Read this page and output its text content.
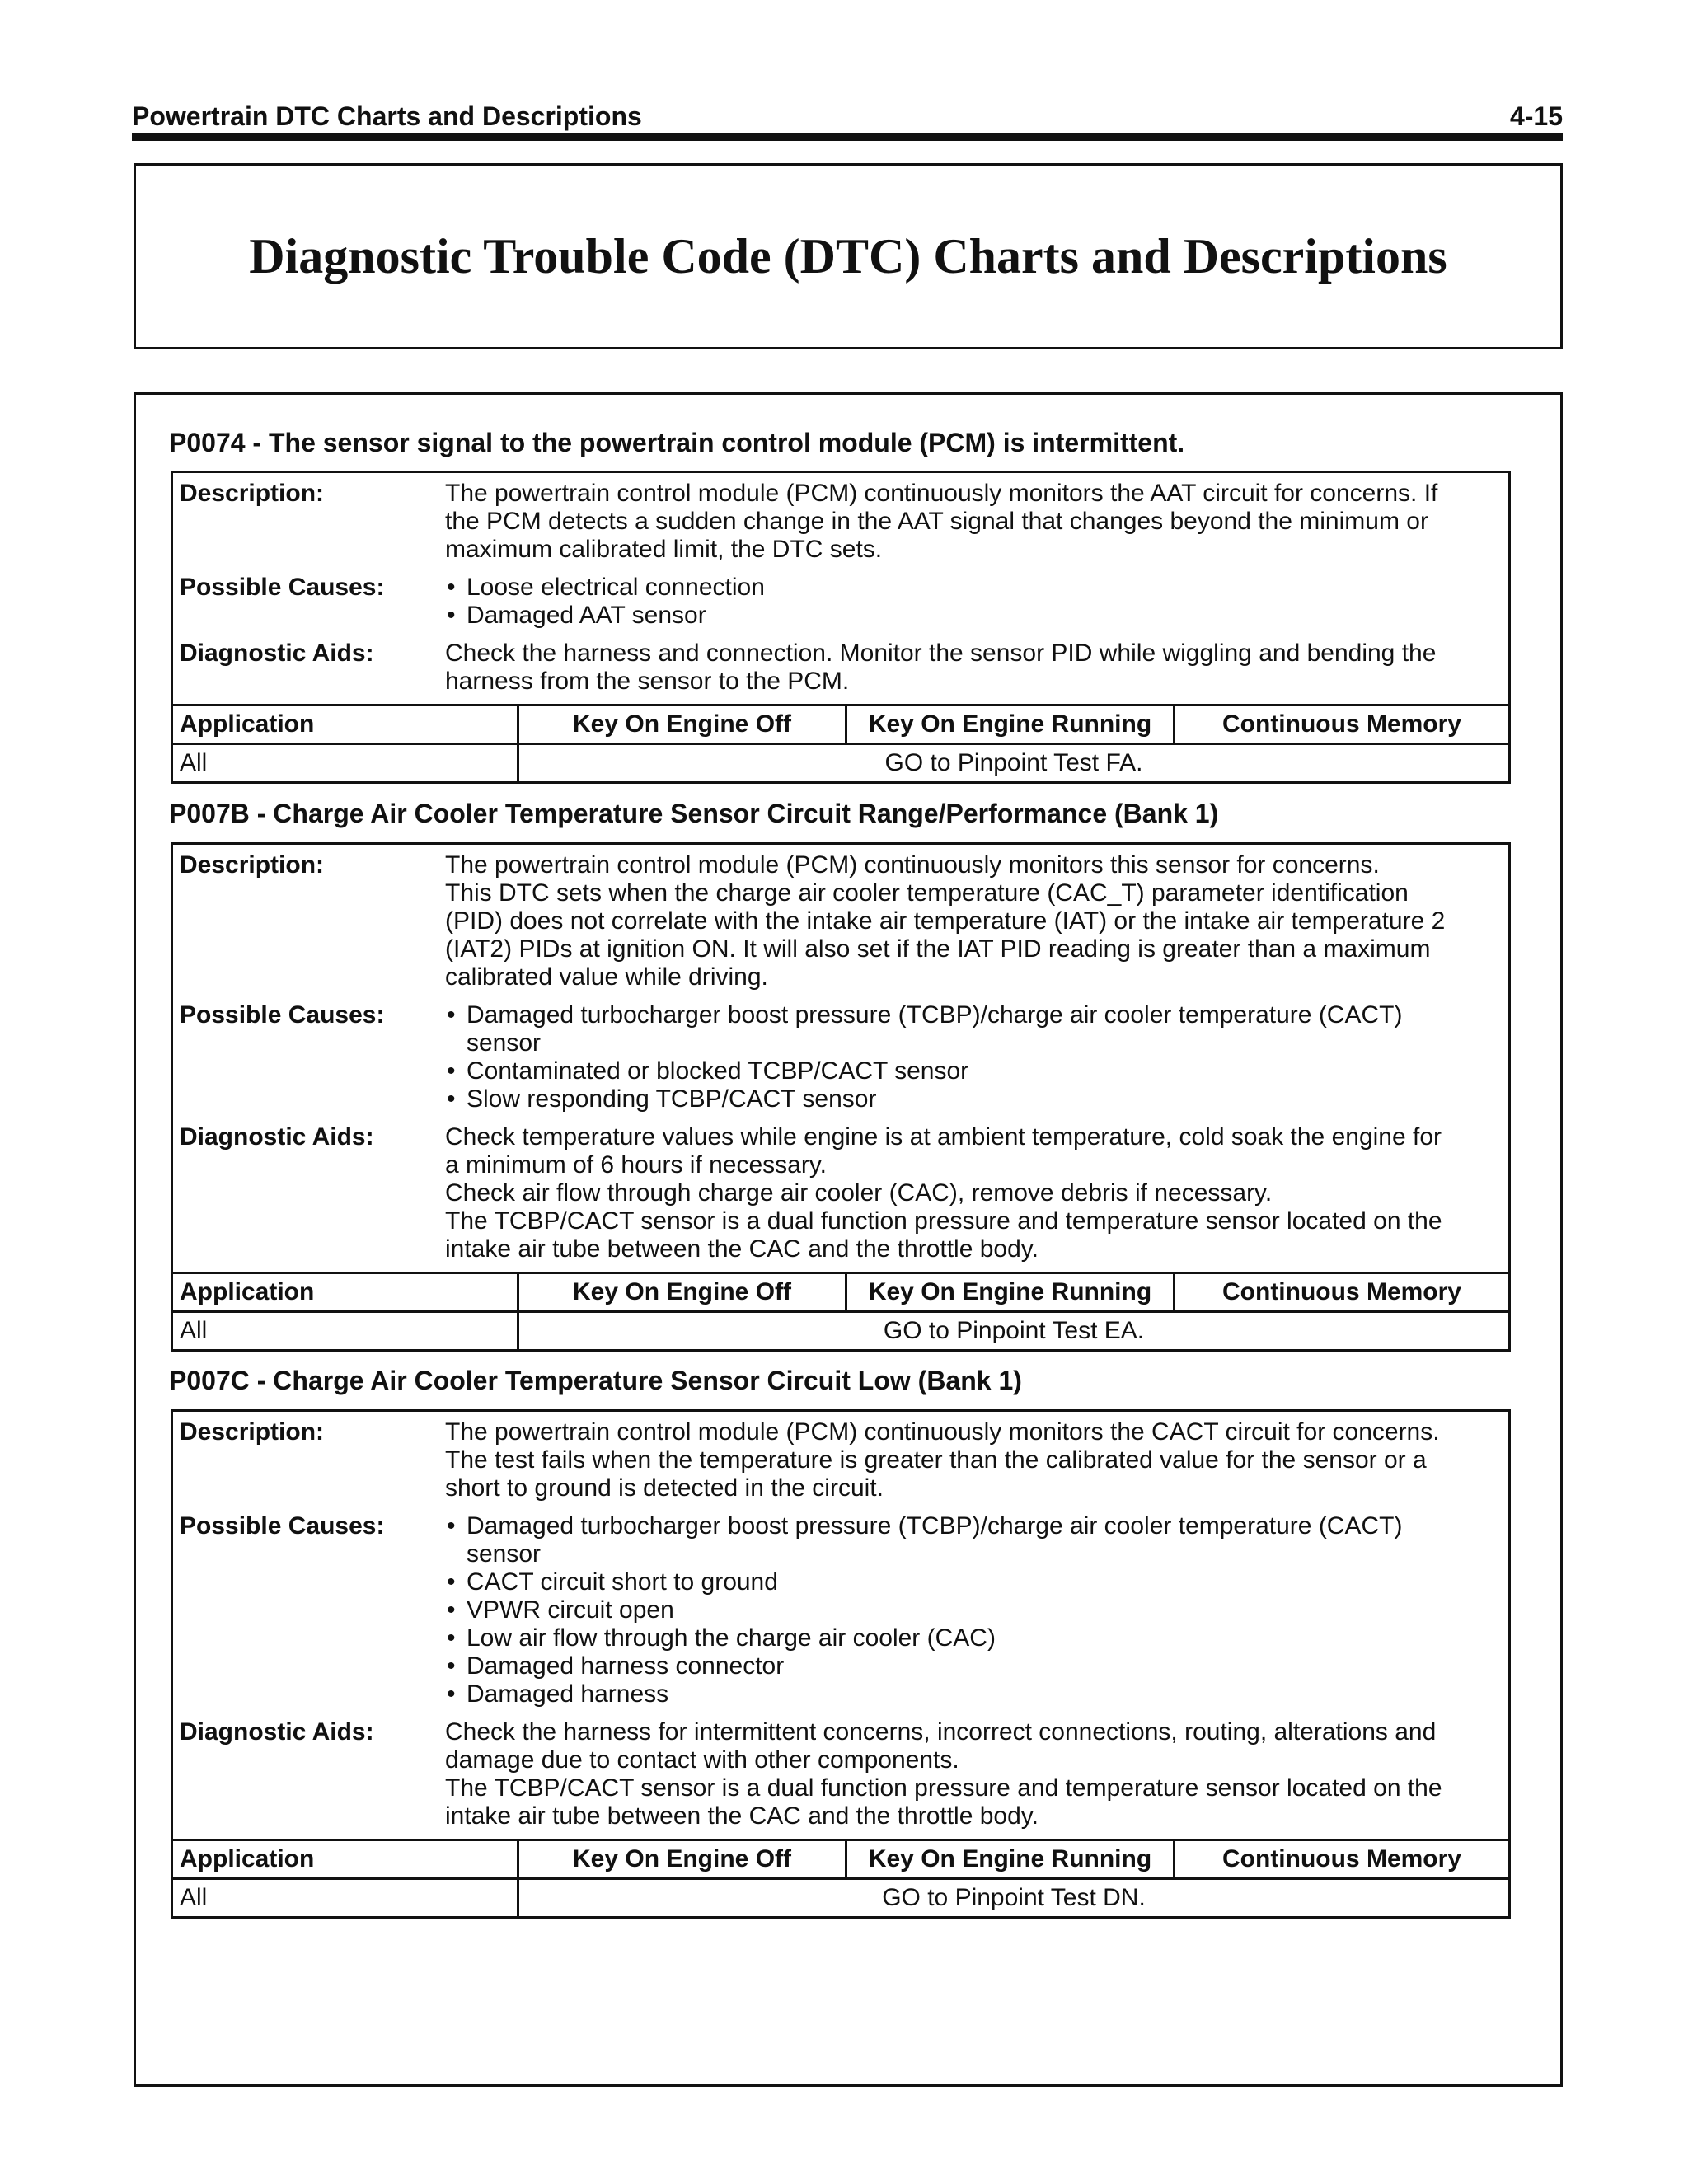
Powertrain DTC Charts and Descriptions	4-15
Diagnostic Trouble Code (DTC) Charts and Descriptions
P0074 - The sensor signal to the powertrain control module (PCM) is intermittent.
Description:	The powertrain control module (PCM) continuously monitors the AAT circuit for concerns. If

the PCM detects a sudden change in the AAT signal that changes beyond the minimum or

maximum calibrated limit, the DTC sets.

Possible Causes:	• Loose electrical connection
• Damaged AAT sensor
Diagnostic Aids:	Check the harness and connection. Monitor the sensor PID while wiggling and bending the

harness from the sensor to the PCM.

Application	Key On Engine Off	Key On Engine Running	Continuous Memory
All	GO to Pinpoint Test FA.
P007B - Charge Air Cooler Temperature Sensor Circuit Range/Performance (Bank 1)
Description:	The powertrain control module (PCM) continuously monitors this sensor for concerns.

This DTC sets when the charge air cooler temperature (CAC_T) parameter identification

(PID) does not correlate with the intake air temperature (IAT) or the intake air temperature 2

(IAT2) PIDs at ignition ON. It will also set if the IAT PID reading is greater than a maximum

calibrated value while driving.

Possible Causes:	• Damaged turbocharger boost pressure (TCBP)/charge air cooler temperature (CACT)
sensor
• Contaminated or blocked TCBP/CACT sensor
• Slow responding TCBP/CACT sensor
Diagnostic Aids:	Check temperature values while engine is at ambient temperature, cold soak the engine for

a minimum of 6 hours if necessary.

Check air flow through charge air cooler (CAC), remove debris if necessary.

The TCBP/CACT sensor is a dual function pressure and temperature sensor located on the

intake air tube between the CAC and the throttle body.

Application	Key On Engine Off	Key On Engine Running	Continuous Memory
All	GO to Pinpoint Test EA.
P007C - Charge Air Cooler Temperature Sensor Circuit Low (Bank 1)
Description:	The powertrain control module (PCM) continuously monitors the CACT circuit for concerns.

The test fails when the temperature is greater than the calibrated value for the sensor or a

short to ground is detected in the circuit.

Possible Causes:	• Damaged turbocharger boost pressure (TCBP)/charge air cooler temperature (CACT)
sensor
• CACT circuit short to ground
• VPWR circuit open
• Low air flow through the charge air cooler (CAC)
• Damaged harness connector
• Damaged harness
Diagnostic Aids:	Check the harness for intermittent concerns, incorrect connections, routing, alterations and

damage due to contact with other components.

The TCBP/CACT sensor is a dual function pressure and temperature sensor located on the

intake air tube between the CAC and the throttle body.

Application	Key On Engine Off	Key On Engine Running	Continuous Memory
All	GO to Pinpoint Test DN.
